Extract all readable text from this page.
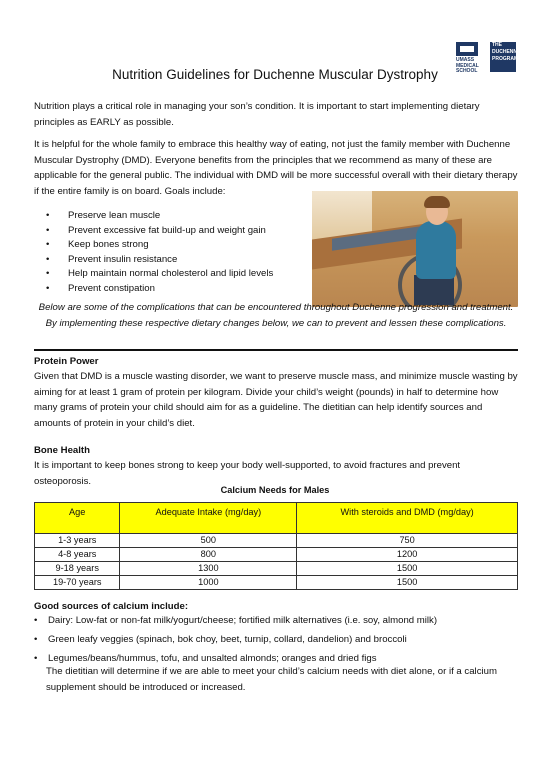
UMASS MEDICAL SCHOOL
THE
DUCHENNE
PROGRAM
Nutrition Guidelines for Duchenne Muscular Dystrophy

Nutrition plays a critical role in managing your son’s condition. It is important to start implementing dietary principles as EARLY as possible.

It is helpful for the whole family to embrace this healthy way of eating, not just the family member with Duchenne Muscular Dystrophy (DMD). Everyone benefits from the principles that we recommend as many of these are applicable for the general public. The individual with DMD will be more successful overall with their dietary therapy if the entire family is on board. Goals include:

• Preserve lean muscle
• Prevent excessive fat build-up and weight gain
• Keep bones strong
• Prevent insulin resistance
• Help maintain normal cholesterol and lipid levels
• Prevent constipation
Below are some of the complications that can be encountered throughout Duchenne progression and treatment. By implementing these respective dietary changes below, we can to prevent and lessen these complications.
Protein Power

Given that DMD is a muscle wasting disorder, we want to preserve muscle mass, and minimize muscle wasting by aiming for at least 1 gram of protein per kilogram. Divide your child’s weight (pounds) in half to determine how many grams of protein your child should aim for as a guideline. The dietitian can help identify sources and amounts of protein in your child’s diet.

Bone Health

It is important to keep bones strong to keep your body well-supported, to avoid fractures and prevent osteoporosis.

Calcium Needs for Males
Age	Adequate Intake (mg/day)	With steroids and DMD (mg/day)
1-3 years	500	750
4-8 years	800	1200
9-18 years	1300	1500
19-70 years	1000	1500
Good sources of calcium include:
• Dairy: Low-fat or non-fat milk/yogurt/cheese; fortified milk alternatives (i.e. soy, almond milk)
• Green leafy veggies (spinach, bok choy, beet, turnip, collard, dandelion) and broccoli
• Legumes/beans/hummus, tofu, and unsalted almonds; oranges and dried figs

The dietitian will determine if we are able to meet your child’s calcium needs with diet alone, or if a calcium supplement should be introduced or increased.
